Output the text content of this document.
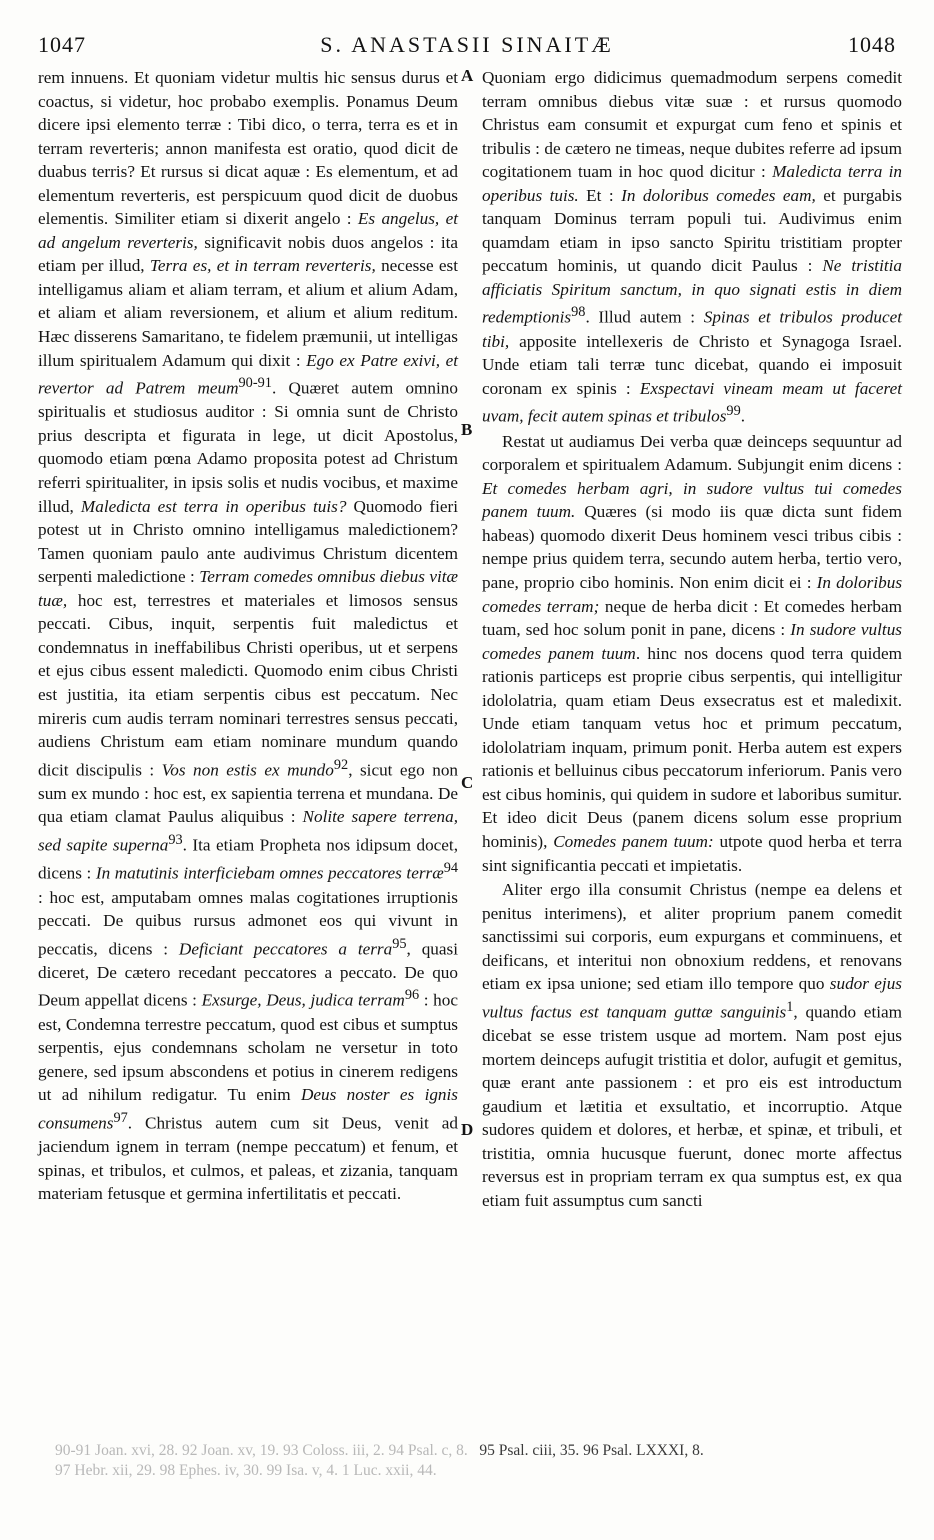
1047	S. ANASTASII SINAITÆ	1048
A
B
C
D

rem innuens. Et quoniam videtur multis hic sensus durus et coactus, si videtur, hoc probabo exemplis. Ponamus Deum dicere ipsi elemento terræ : Tibi dico, o terra, terra es et in terram reverteris; annon manifesta est oratio, quod dicit de duabus terris? Et rursus si dicat aquæ : Es elementum, et ad elementum reverteris, est perspicuum quod dicit de duobus elementis. Similiter etiam si dixerit angelo : Es angelus, et ad angelum reverteris, significavit nobis duos angelos : ita etiam per illud, Terra es, et in terram reverteris, necesse est intelligamus aliam et aliam terram, et alium et alium Adam, et aliam et aliam reversionem, et alium et alium reditum. Hæc disserens Samaritano, te fidelem præmunii, ut intelligas illum spiritualem Adamum qui dixit : Ego ex Patre exivi, et revertor ad Patrem meum$^{90-91}$. Quæret autem omnino spiritualis et studiosus auditor : Si omnia sunt de Christo prius descripta et figurata in lege, ut dicit Apostolus, quomodo etiam pœna Adamo proposita potest ad Christum referri spiritualiter, in ipsis solis et nudis vocibus, et maxime illud, Maledicta est terra in operibus tuis? Quomodo fieri potest ut in Christo omnino intelligamus maledictionem? Tamen quoniam paulo ante audivimus Christum dicentem serpenti maledictione : Terram comedes omnibus diebus vitæ tuæ, hoc est, terrestres et materiales et limosos sensus peccati. Cibus, inquit, serpentis fuit maledictus et condemnatus in ineffabilibus Christi operibus, ut et serpens et ejus cibus essent maledicti. Quomodo enim cibus Christi est justitia, ita etiam serpentis cibus est peccatum. Nec mireris cum audis terram nominari terrestres sensus peccati, audiens Christum eam etiam nominare mundum quando dicit discipulis : Vos non estis ex mundo$^{92}$, sicut ego non sum ex mundo : hoc est, ex sapientia terrena et mundana. De qua etiam clamat Paulus aliquibus : Nolite sapere terrena, sed sapite superna$^{93}$. Ita etiam Propheta nos idipsum docet, dicens : In matutinis interficiebam omnes peccatores terræ$^{94}$ : hoc est, amputabam omnes malas cogitationes irruptionis peccati. De quibus rursus admonet eos qui vivunt in peccatis, dicens : Deficiant peccatores a terra$^{95}$, quasi diceret, De cætero recedant peccatores a peccato. De quo Deum appellat dicens : Exsurge, Deus, judica terram$^{96}$ : hoc est, Condemna terrestre peccatum, quod est cibus et sumptus serpentis, ejus condemnans scholam ne versetur in toto genere, sed ipsum abscondens et potius in cinerem redigens ut ad nihilum redigatur. Tu enim Deus noster es ignis consumens$^{97}$. Christus autem cum sit Deus, venit ad jaciendum ignem in terram (nempe peccatum) et fenum, et spinas, et tribulos, et culmos, et paleas, et zizania, tanquam materiam fetusque et germina infertilitatis et peccati.

Quoniam ergo didicimus quemadmodum serpens comedit terram omnibus diebus vitæ suæ : et rursus quomodo Christus eam consumit et expurgat cum feno et spinis et tribulis : de cætero ne timeas, neque dubites referre ad ipsum cogitationem tuam in hoc quod dicitur : Maledicta terra in operibus tuis. Et : In doloribus comedes eam, et purgabis tanquam Dominus terram populi tui. Audivimus enim quamdam etiam in ipso sancto Spiritu tristitiam propter peccatum hominis, ut quando dicit Paulus : Ne tristitia afficiatis Spiritum sanctum, in quo signati estis in diem redemptionis$^{98}$. Illud autem : Spinas et tribulos producet tibi, apposite intellexeris de Christo et Synagoga Israel. Unde etiam tali terræ tunc dicebat, quando ei imposuit coronam ex spinis : Exspectavi vineam meam ut faceret uvam, fecit autem spinas et tribulos$^{99}$.

Restat ut audiamus Dei verba quæ deinceps sequuntur ad corporalem et spiritualem Adamum. Subjungit enim dicens : Et comedes herbam agri, in sudore vultus tui comedes panem tuum. Quæres (si modo iis quæ dicta sunt fidem habeas) quomodo dixerit Deus hominem vesci tribus cibis : nempe prius quidem terra, secundo autem herba, tertio vero, pane, proprio cibo hominis. Non enim dicit ei : In doloribus comedes terram; neque de herba dicit : Et comedes herbam tuam, sed hoc solum ponit in pane, dicens : In sudore vultus comedes panem tuum. hinc nos docens quod terra quidem rationis particeps est proprie cibus serpentis, qui intelligitur idololatria, quam etiam Deus exsecratus est et maledixit. Unde etiam tanquam vetus hoc et primum peccatum, idololatriam inquam, primum ponit. Herba autem est expers rationis et belluinus cibus peccatorum inferiorum. Panis vero est cibus hominis, qui quidem in sudore et laboribus sumitur. Et ideo dicit Deus (panem dicens solum esse proprium hominis), Comedes panem tuum: utpote quod herba et terra sint significantia peccati et impietatis.

Aliter ergo illa consumit Christus (nempe ea delens et penitus interimens), et aliter proprium panem comedit sanctissimi sui corporis, eum expurgans et comminuens, et deificans, et interitui non obnoxium reddens, et renovans etiam ex ipsa unione; sed etiam illo tempore quo sudor ejus vultus factus est tanquam guttæ sanguinis$^1$, quando etiam dicebat se esse tristem usque ad mortem. Nam post ejus mortem deinceps aufugit tristitia et dolor, aufugit et gemitus, quæ erant ante passionem : et pro eis est introductum gaudium et lætitia et exsultatio, et incorruptio. Atque sudores quidem et dolores, et herbæ, et spinæ, et tribuli, et tristitia, omnia hucusque fuerunt, donec morte affectus reversus est in propriam terram ex qua sumptus est, ex qua etiam fuit assumptus cum sancti

90-91 Joan. xvi, 28. 92 Joan. xv, 19. 93 Coloss. iii, 2. 94 Psal. c, 8. 95 Psal. ciii, 35. 96 Psal. LXXXI, 8.
97 Hebr. xii, 29. 98 Ephes. iv, 30. 99 Isa. v, 4. 1 Luc. xxii, 44.
